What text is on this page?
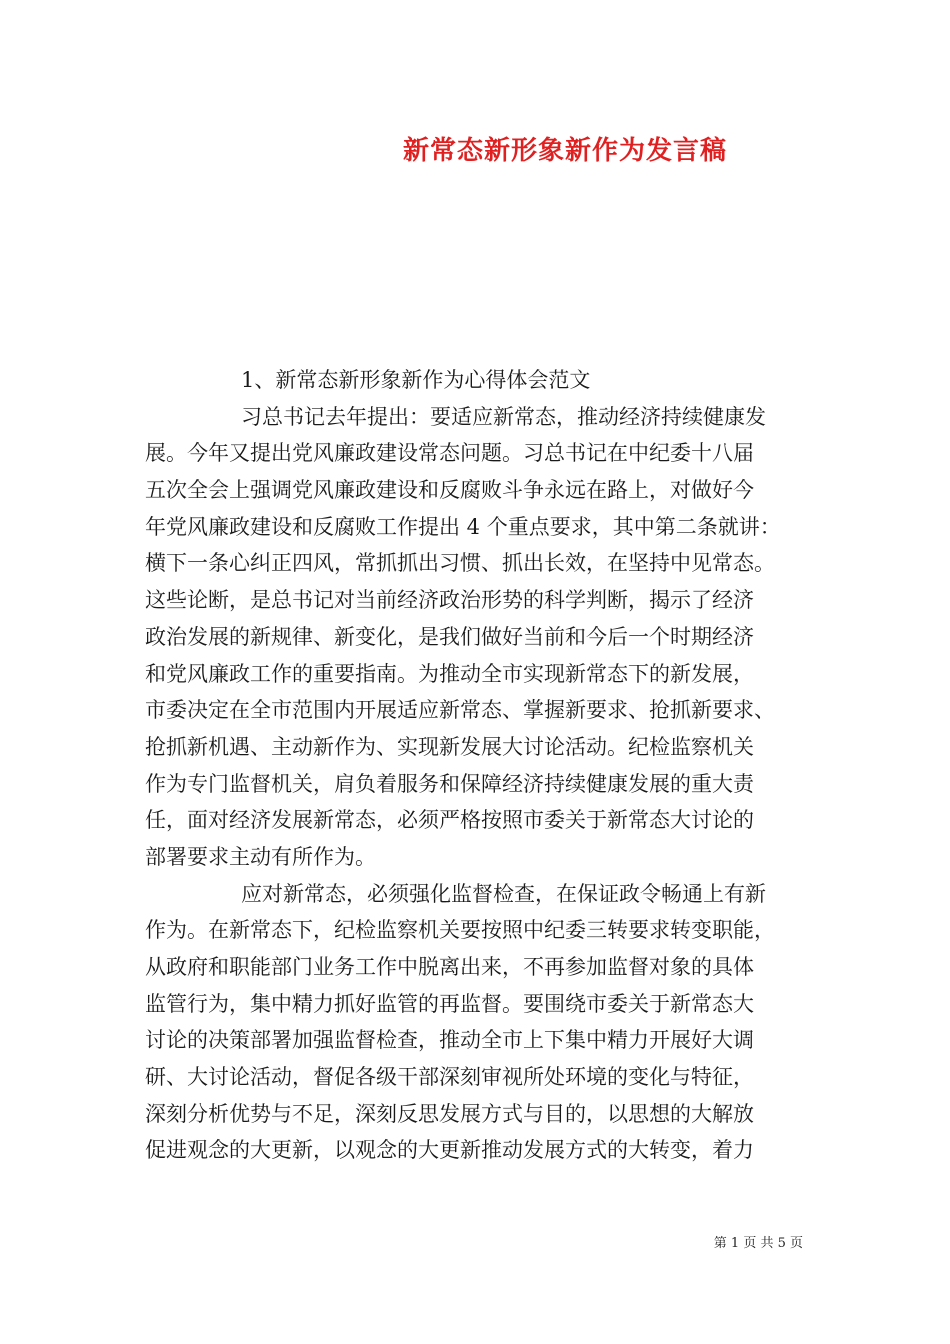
新常态新形象新作为发言稿
1、新常态新形象新作为心得体会范文
习总书记去年提出：要适应新常态，推动经济持续健康发
展。今年又提出党风廉政建设常态问题。习总书记在中纪委十八届
五次全会上强调党风廉政建设和反腐败斗争永远在路上，对做好今
年党风廉政建设和反腐败工作提出 4 个重点要求，其中第二条就讲：
横下一条心纠正四风，常抓抓出习惯、抓出长效，在坚持中见常态。
这些论断，是总书记对当前经济政治形势的科学判断，揭示了经济
政治发展的新规律、新变化，是我们做好当前和今后一个时期经济
和党风廉政工作的重要指南。为推动全市实现新常态下的新发展，
市委决定在全市范围内开展适应新常态、掌握新要求、抢抓新要求、
抢抓新机遇、主动新作为、实现新发展大讨论活动。纪检监察机关
作为专门监督机关，肩负着服务和保障经济持续健康发展的重大责
任，面对经济发展新常态，必须严格按照市委关于新常态大讨论的
部署要求主动有所作为。
应对新常态，必须强化监督检查，在保证政令畅通上有新
作为。在新常态下，纪检监察机关要按照中纪委三转要求转变职能，
从政府和职能部门业务工作中脱离出来，不再参加监督对象的具体
监管行为，集中精力抓好监管的再监督。要围绕市委关于新常态大
讨论的决策部署加强监督检查，推动全市上下集中精力开展好大调
研、大讨论活动，督促各级干部深刻审视所处环境的变化与特征，
深刻分析优势与不足，深刻反思发展方式与目的，以思想的大解放
促进观念的大更新，以观念的大更新推动发展方式的大转变，着力
第 1 页 共 5 页
